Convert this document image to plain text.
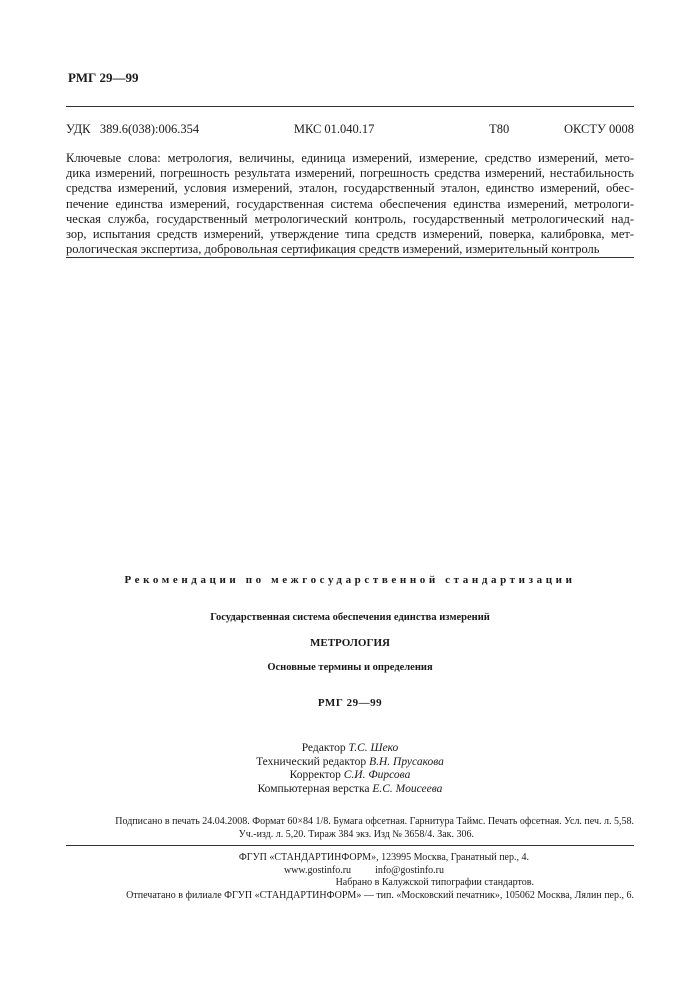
РМГ 29—99
УДК   389.6(038):006.354	МКС 01.040.17	Т80	ОКСТУ 0008
Ключевые слова: метрология, величины, единица измерений, измерение, средство измерений, мето-
дика измерений, погрешность результата измерений, погрешность средства измерений, нестабильность
средства измерений, условия измерений, эталон, государственный эталон, единство измерений, обес-
печение единства измерений, государственная система обеспечения единства измерений, метрологи-
ческая служба, государственный метрологический контроль, государственный метрологический над-
зор, испытания средств измерений, утверждение типа средств измерений, поверка, калибровка, мет-
рологическая экспертиза, добровольная сертификация средств измерений, измерительный контроль
Рекомендации по межгосударственной стандартизации
Государственная система обеспечения единства измерений
МЕТРОЛОГИЯ
Основные термины и определения
РМГ 29—99
Редактор Т.С. Шеко
Технический редактор В.Н. Прусакова
Корректор С.И. Фирсова
Компьютерная верстка Е.С. Моисеева
Подписано в печать 24.04.2008. Формат 60×84 1/8. Бумага офсетная. Гарнитура Таймс. Печать офсетная. Усл. печ. л. 5,58.
Уч.-изд. л. 5,20. Тираж 384 экз. Изд № 3658/4. Зак. 306.
ФГУП «СТАНДАРТИНФОРМ», 123995 Москва, Гранатный пер., 4.
www.gostinfo.ru info@gostinfo.ru
Набрано в Калужской типографии стандартов.
Отпечатано в филиале ФГУП «СТАНДАРТИНФОРМ» — тип. «Московский печатник», 105062 Москва, Лялин пер., 6.
